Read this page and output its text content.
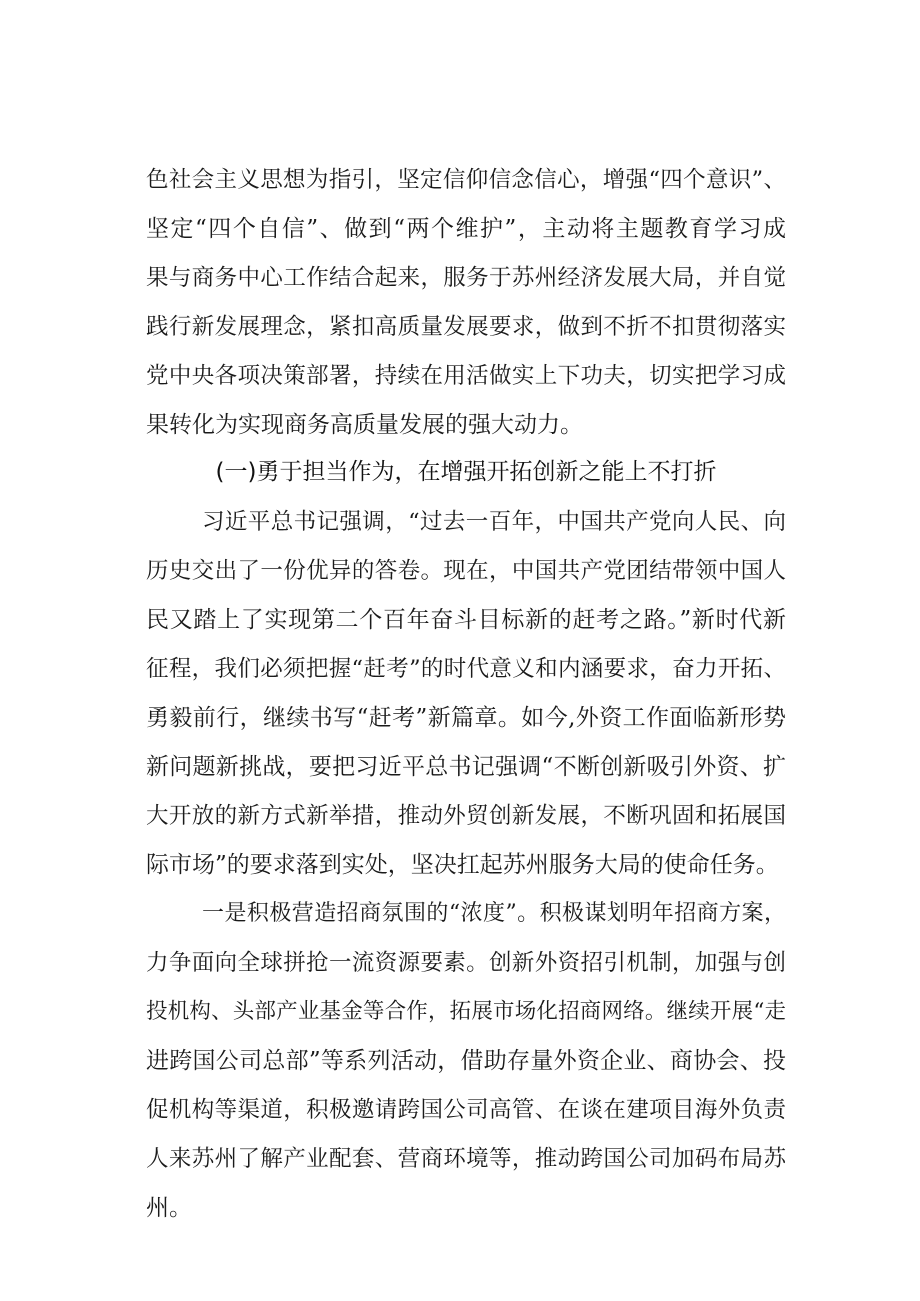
色社会主义思想为指引，坚定信仰信念信心，增强“四个意识”、
坚定“四个自信”、做到“两个维护”，主动将主题教育学习成
果与商务中心工作结合起来，服务于苏州经济发展大局，并自觉
践行新发展理念，紧扣高质量发展要求，做到不折不扣贯彻落实
党中央各项决策部署，持续在用活做实上下功夫，切实把学习成
果转化为实现商务高质量发展的强大动力。
(一)勇于担当作为，在增强开拓创新之能上不打折
习近平总书记强调，“过去一百年，中国共产党向人民、向
历史交出了一份优异的答卷。现在，中国共产党团结带领中国人
民又踏上了实现第二个百年奋斗目标新的赶考之路。”新时代新
征程，我们必须把握“赶考”的时代意义和内涵要求，奋力开拓、
勇毅前行，继续书写“赶考”新篇章。如今,外资工作面临新形势
新问题新挑战，要把习近平总书记强调“不断创新吸引外资、扩
大开放的新方式新举措，推动外贸创新发展，不断巩固和拓展国
际市场”的要求落到实处，坚决扛起苏州服务大局的使命任务。
一是积极营造招商氛围的“浓度”。积极谋划明年招商方案，
力争面向全球拼抢一流资源要素。创新外资招引机制，加强与创
投机构、头部产业基金等合作，拓展市场化招商网络。继续开展“走
进跨国公司总部”等系列活动，借助存量外资企业、商协会、投
促机构等渠道，积极邀请跨国公司高管、在谈在建项目海外负责
人来苏州了解产业配套、营商环境等，推动跨国公司加码布局苏
州。
